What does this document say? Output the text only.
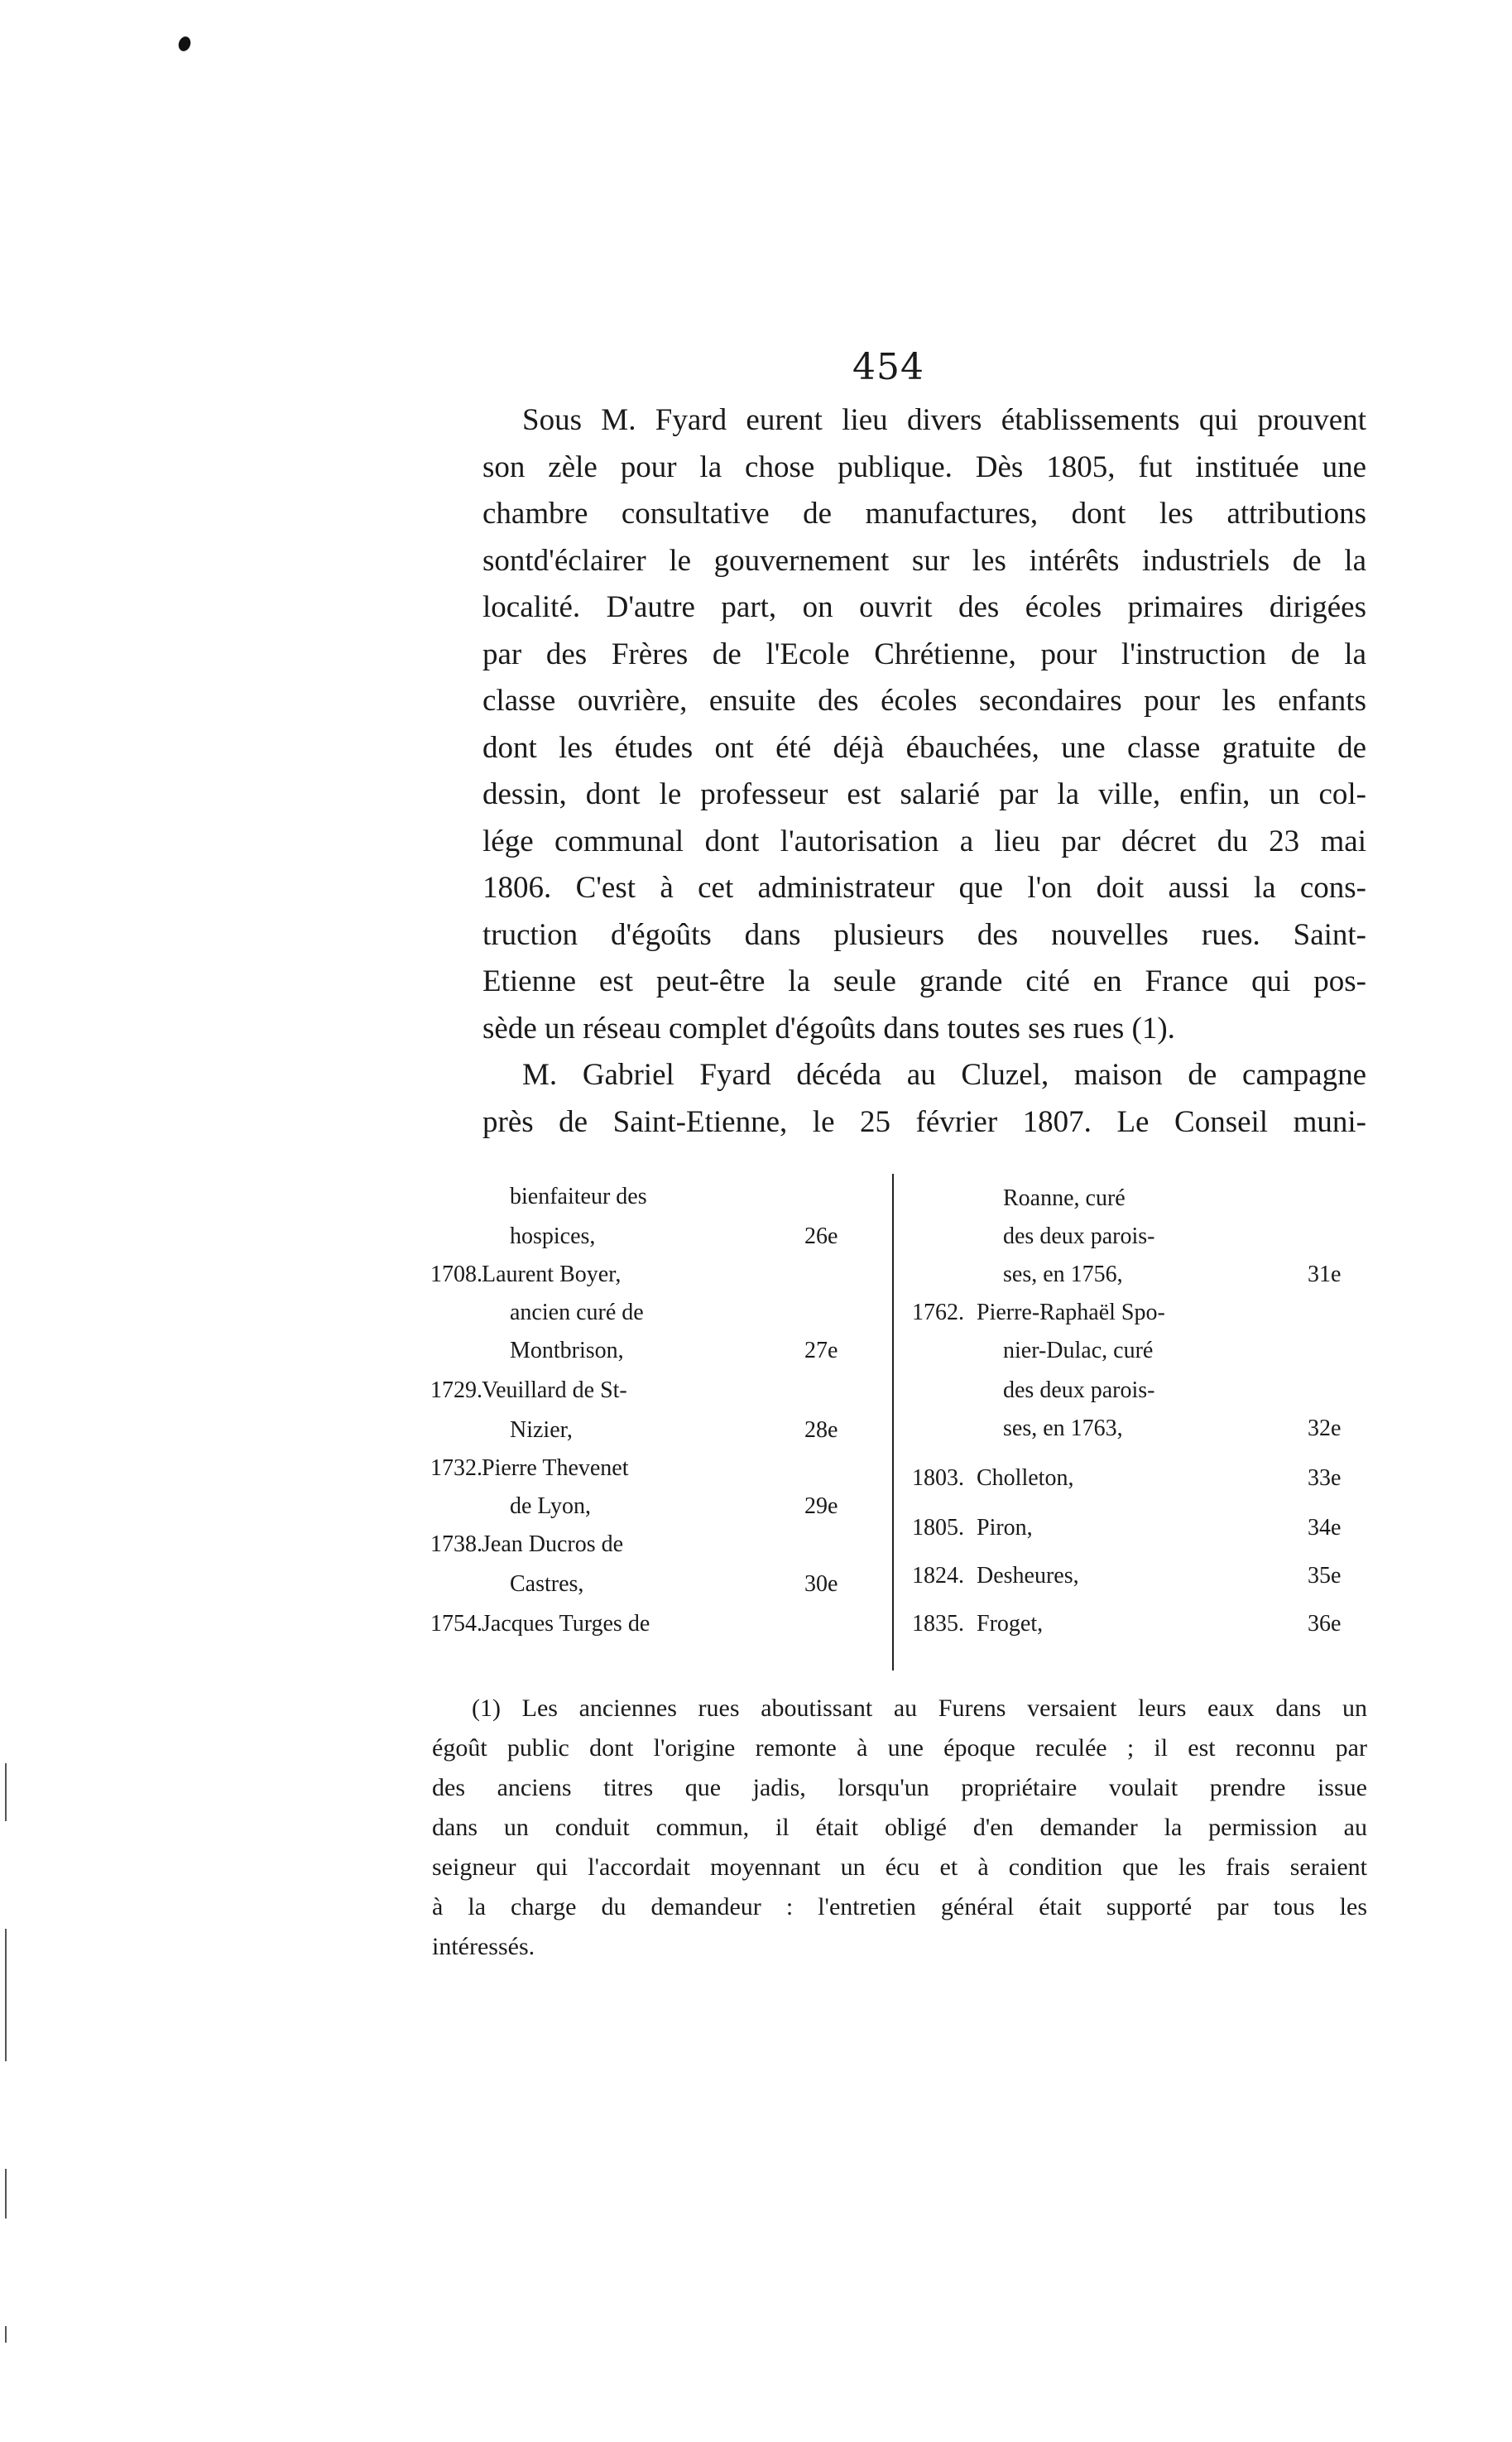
454
Sous M. Fyard eurent lieu divers établissements qui prouvent
son zèle pour la chose publique. Dès 1805, fut instituée une
chambre consultative de manufactures, dont les attributions
sontd'éclairer le gouvernement sur les intérêts industriels de la
localité. D'autre part, on ouvrit des écoles primaires dirigées
par des Frères de l'Ecole Chrétienne, pour l'instruction de la
classe ouvrière, ensuite des écoles secondaires pour les enfants
dont les études ont été déjà ébauchées, une classe gratuite de
dessin, dont le professeur est salarié par la ville, enfin, un col-
lége communal dont l'autorisation a lieu par décret du 23 mai
1806. C'est à cet administrateur que l'on doit aussi la cons-
truction d'égoûts dans plusieurs des nouvelles rues. Saint-
Etienne est peut-être la seule grande cité en France qui pos-
sède un réseau complet d'égoûts dans toutes ses rues (1).
M. Gabriel Fyard décéda au Cluzel, maison de campagne
près de Saint-Etienne, le 25 février 1807. Le Conseil muni-
bienfaiteur des
hospices,	26e
1708. Laurent Boyer,
ancien curé de
Montbrison,	27e
1729. Veuillard de St-
Nizier,	28e
1732. Pierre Thevenet
de Lyon,	29e
1738. Jean Ducros de
Castres,	30e
1754. Jacques Turges de
Roanne, curé
des deux parois-
ses, en 1756,	31e
1762. Pierre-Raphaël Spo-
nier-Dulac, curé
des deux parois-
ses, en 1763,	32e
1803. Cholleton,	33e
1805. Piron,	34e
1824. Desheures,	35e
1835. Froget,	36e
(1) Les anciennes rues aboutissant au Furens versaient leurs eaux dans un
égoût public dont l'origine remonte à une époque reculée ; il est reconnu par
des anciens titres que jadis, lorsqu'un propriétaire voulait prendre issue
dans un conduit commun, il était obligé d'en demander la permission au
seigneur qui l'accordait moyennant un écu et à condition que les frais seraient
à la charge du demandeur : l'entretien général était supporté par tous les
intéressés.
